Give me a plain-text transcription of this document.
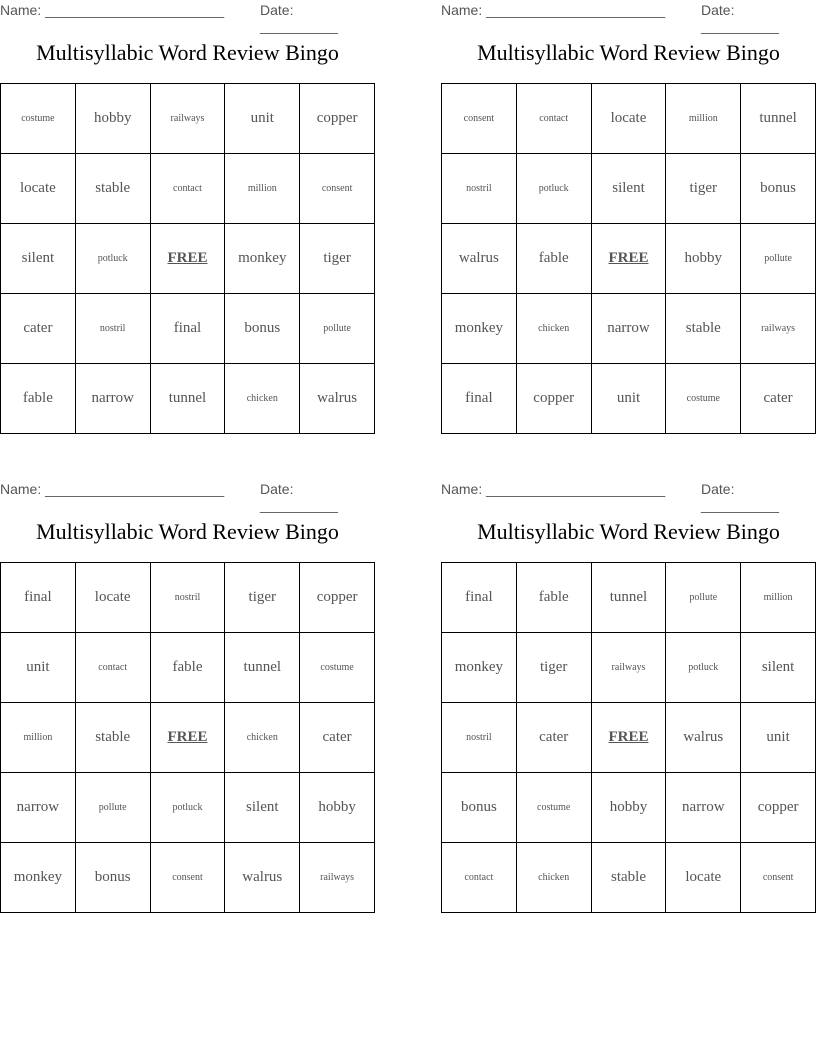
Name: _______________________	Date: __________
Multisyllabic Word Review Bingo
costume	hobby	railways	unit	copper
locate	stable	contact	million	consent
silent	potluck	FREE	monkey	tiger
cater	nostril	final	bonus	pollute
fable	narrow	tunnel	chicken	walrus
Name: _______________________	Date: __________
Multisyllabic Word Review Bingo
consent	contact	locate	million	tunnel
nostril	potluck	silent	tiger	bonus
walrus	fable	FREE	hobby	pollute
monkey	chicken	narrow	stable	railways
final	copper	unit	costume	cater
Name: _______________________	Date: __________
Multisyllabic Word Review Bingo
final	locate	nostril	tiger	copper
unit	contact	fable	tunnel	costume
million	stable	FREE	chicken	cater
narrow	pollute	potluck	silent	hobby
monkey	bonus	consent	walrus	railways
Name: _______________________	Date: __________
Multisyllabic Word Review Bingo
final	fable	tunnel	pollute	million
monkey	tiger	railways	potluck	silent
nostril	cater	FREE	walrus	unit
bonus	costume	hobby	narrow	copper
contact	chicken	stable	locate	consent
